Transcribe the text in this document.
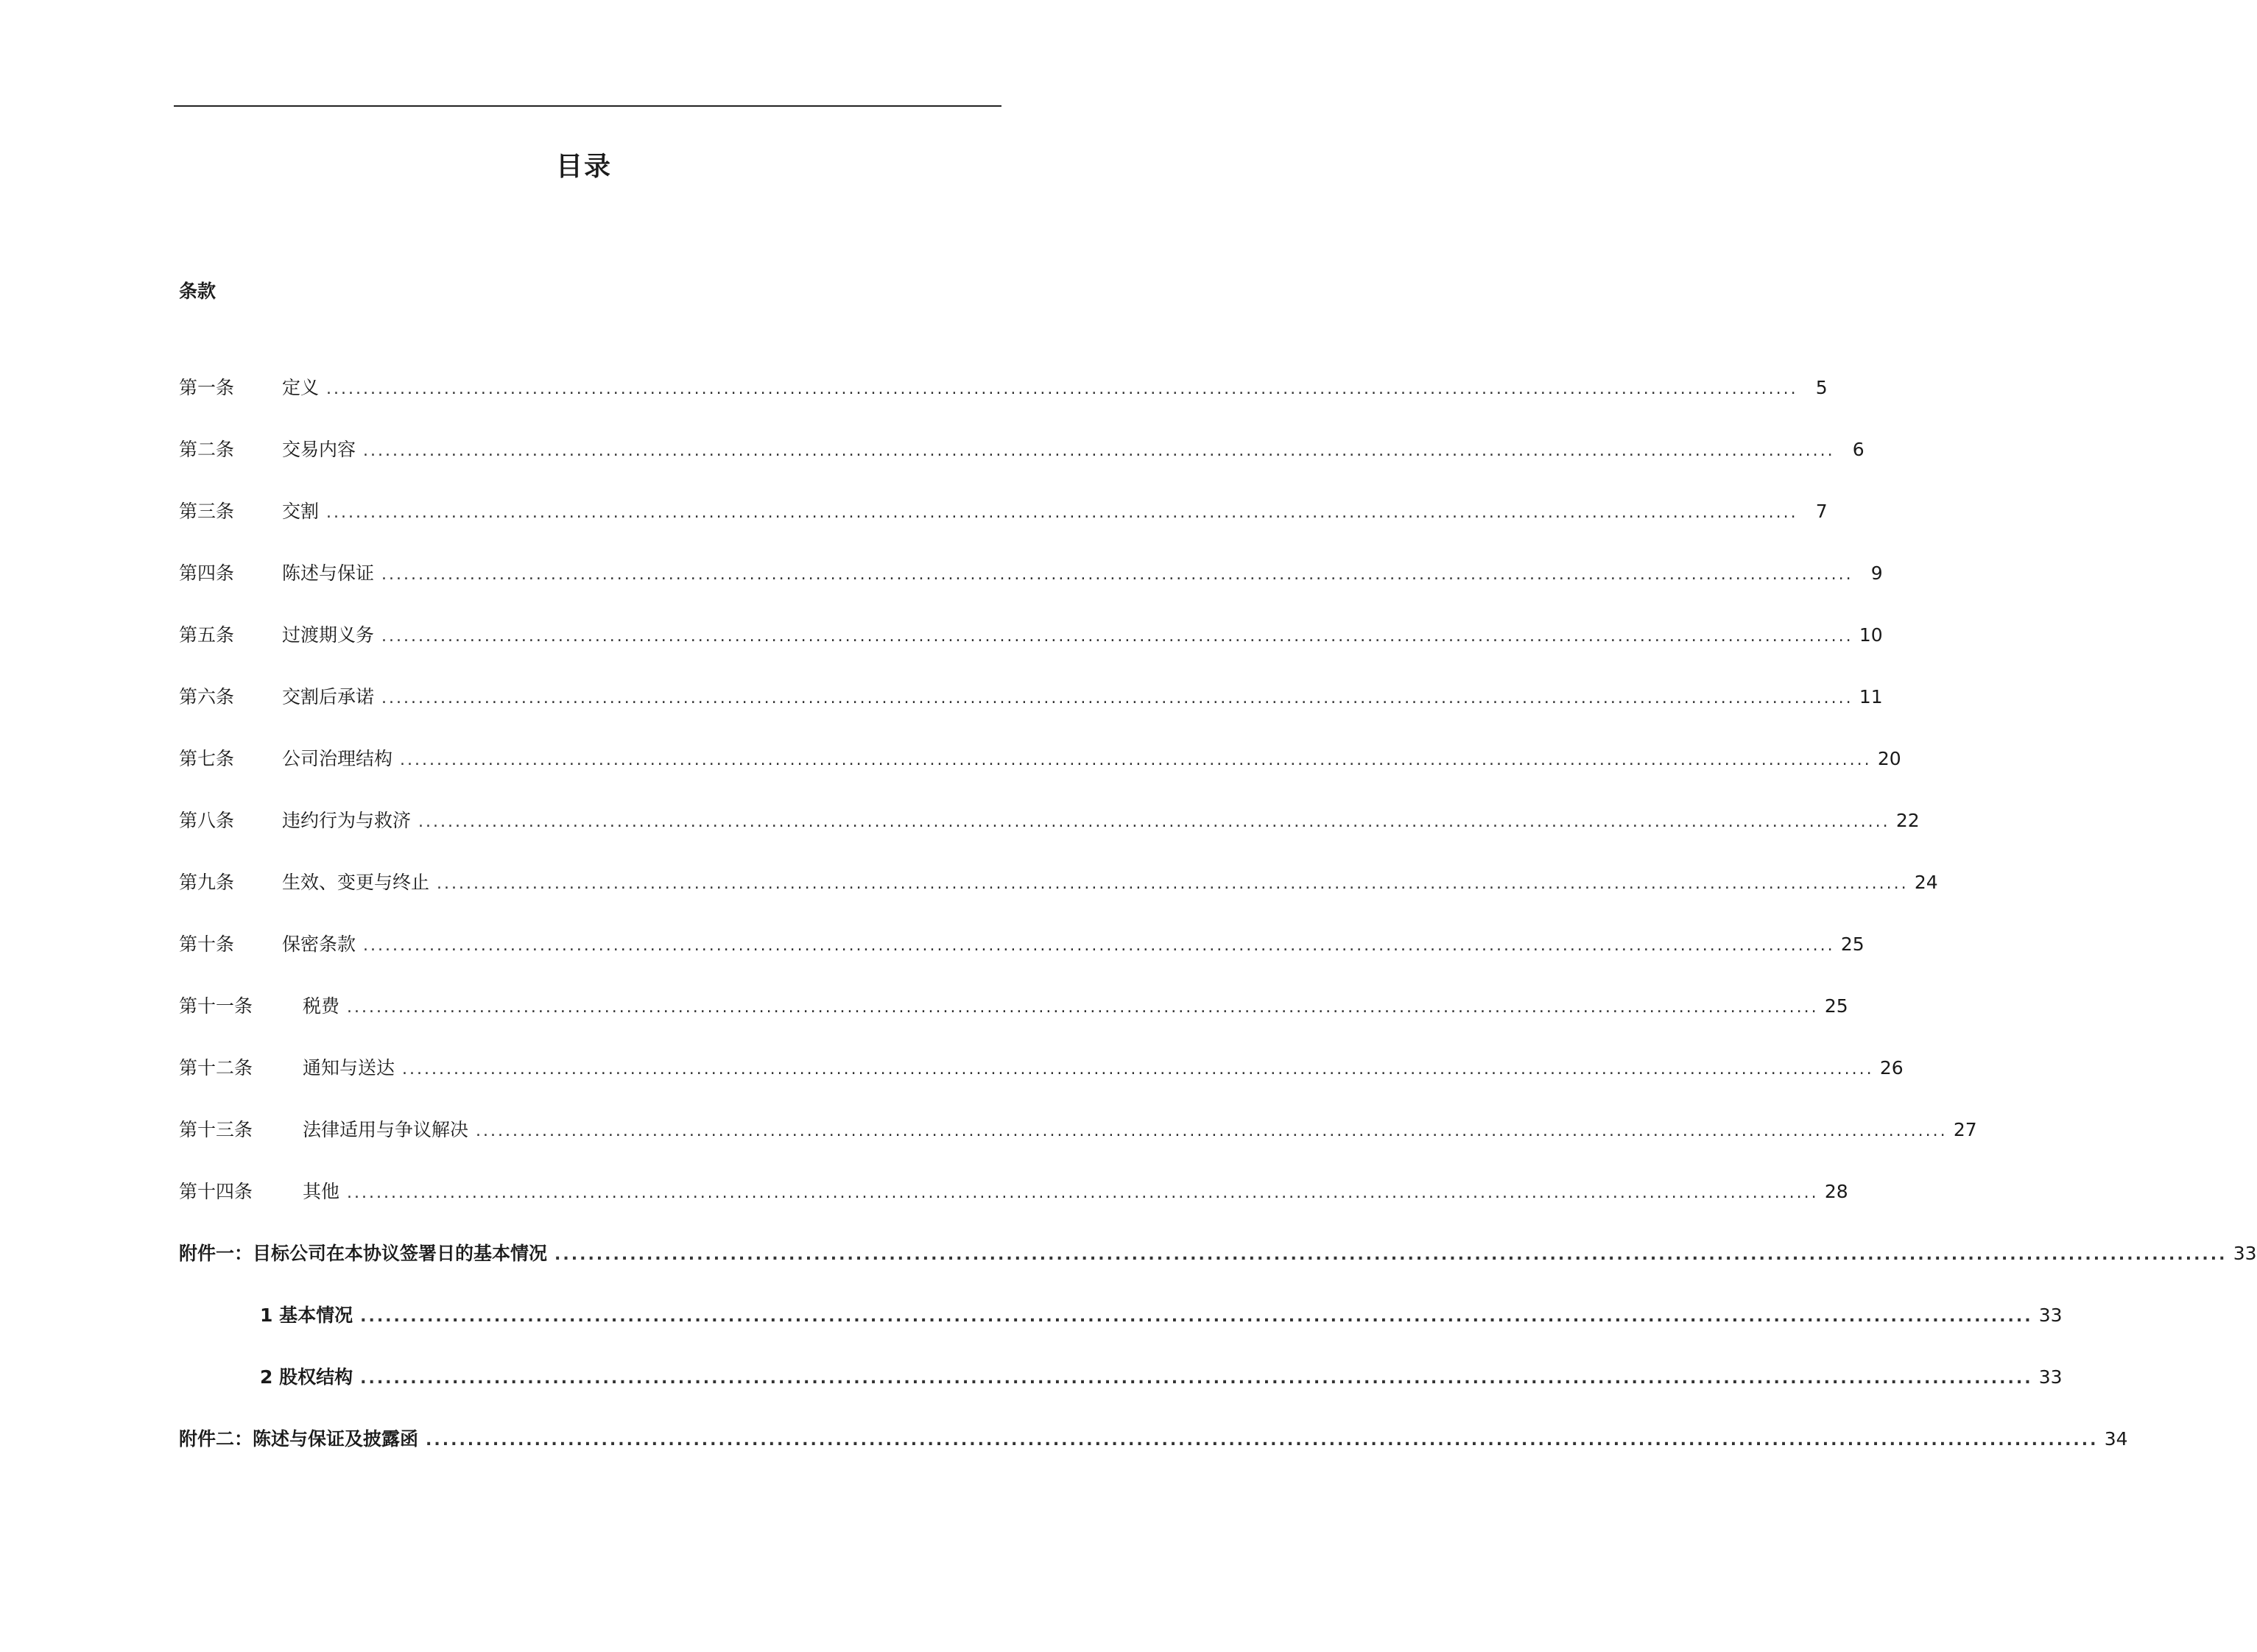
目录
条款
第一条	定义 ........................................................................................................................................................................................................ 5
第二条	交易内容 ........................................................................................................................................................................................................ 6
第三条	交割 ........................................................................................................................................................................................................ 7
第四条	陈述与保证 ........................................................................................................................................................................................................ 9
第五条	过渡期义务 ........................................................................................................................................................................................................ 10
第六条	交割后承诺 ........................................................................................................................................................................................................ 11
第七条	公司治理结构 ........................................................................................................................................................................................................ 20
第八条	违约行为与救济 ........................................................................................................................................................................................................ 22
第九条	生效、变更与终止 ........................................................................................................................................................................................................ 24
第十条	保密条款 ........................................................................................................................................................................................................ 25
第十一条	税费 ........................................................................................................................................................................................................ 25
第十二条	通知与送达 ........................................................................................................................................................................................................ 26
第十三条	法律适用与争议解决 ........................................................................................................................................................................................................ 27
第十四条	其他 ........................................................................................................................................................................................................ 28
附件一：目标公司在本协议签署日的基本情况 ........................................................................................................................................................................................................ 33
1 基本情况 ........................................................................................................................................................................................................ 33
2 股权结构 ........................................................................................................................................................................................................ 33
附件二：陈述与保证及披露函 ........................................................................................................................................................................................................ 34
